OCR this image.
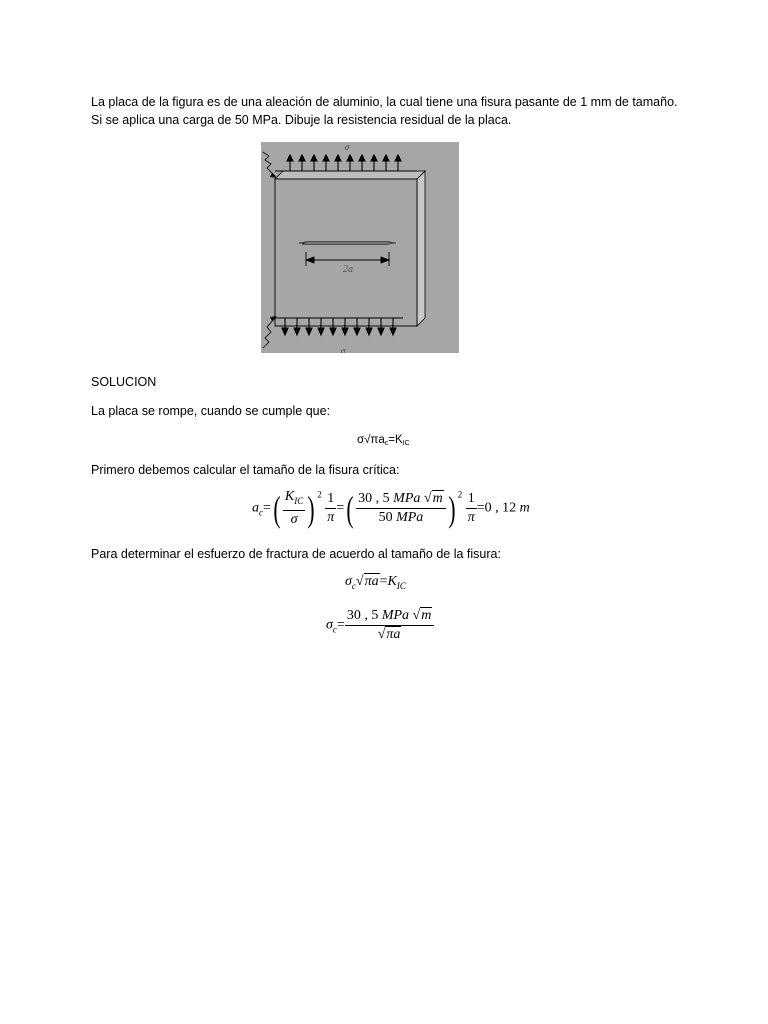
La placa de la figura es de una aleación de aluminio, la cual tiene una fisura pasante de 1 mm de tamaño.
Si se aplica una carga de 50 MPa. Dibuje la resistencia residual de la placa.
2a
σ
σ
SOLUCION
La placa se rompe, cuando se cumple que:
$\sigma√\pi a_c=K_{IC}$
Primero debemos calcular el tamaño de la fisura crítica:
$a_c=( \frac{K_{IC}}{\sigma}$ ) $^2 \frac{1}{\pi}$ =( $\frac{\text{30 , 5 MPa √m}}{\text{50 MPa}}$ ) $^2 \frac{1}{\pi} =0$ , 12 m
Para determinar el esfuerzo de fractura de acuerdo al tamaño de la fisura:
$\sigma_c√\pi a=K_{IC}$
$\sigma_c= \frac{\text{30 , 5 MPa √m}}{√\pi a}$
